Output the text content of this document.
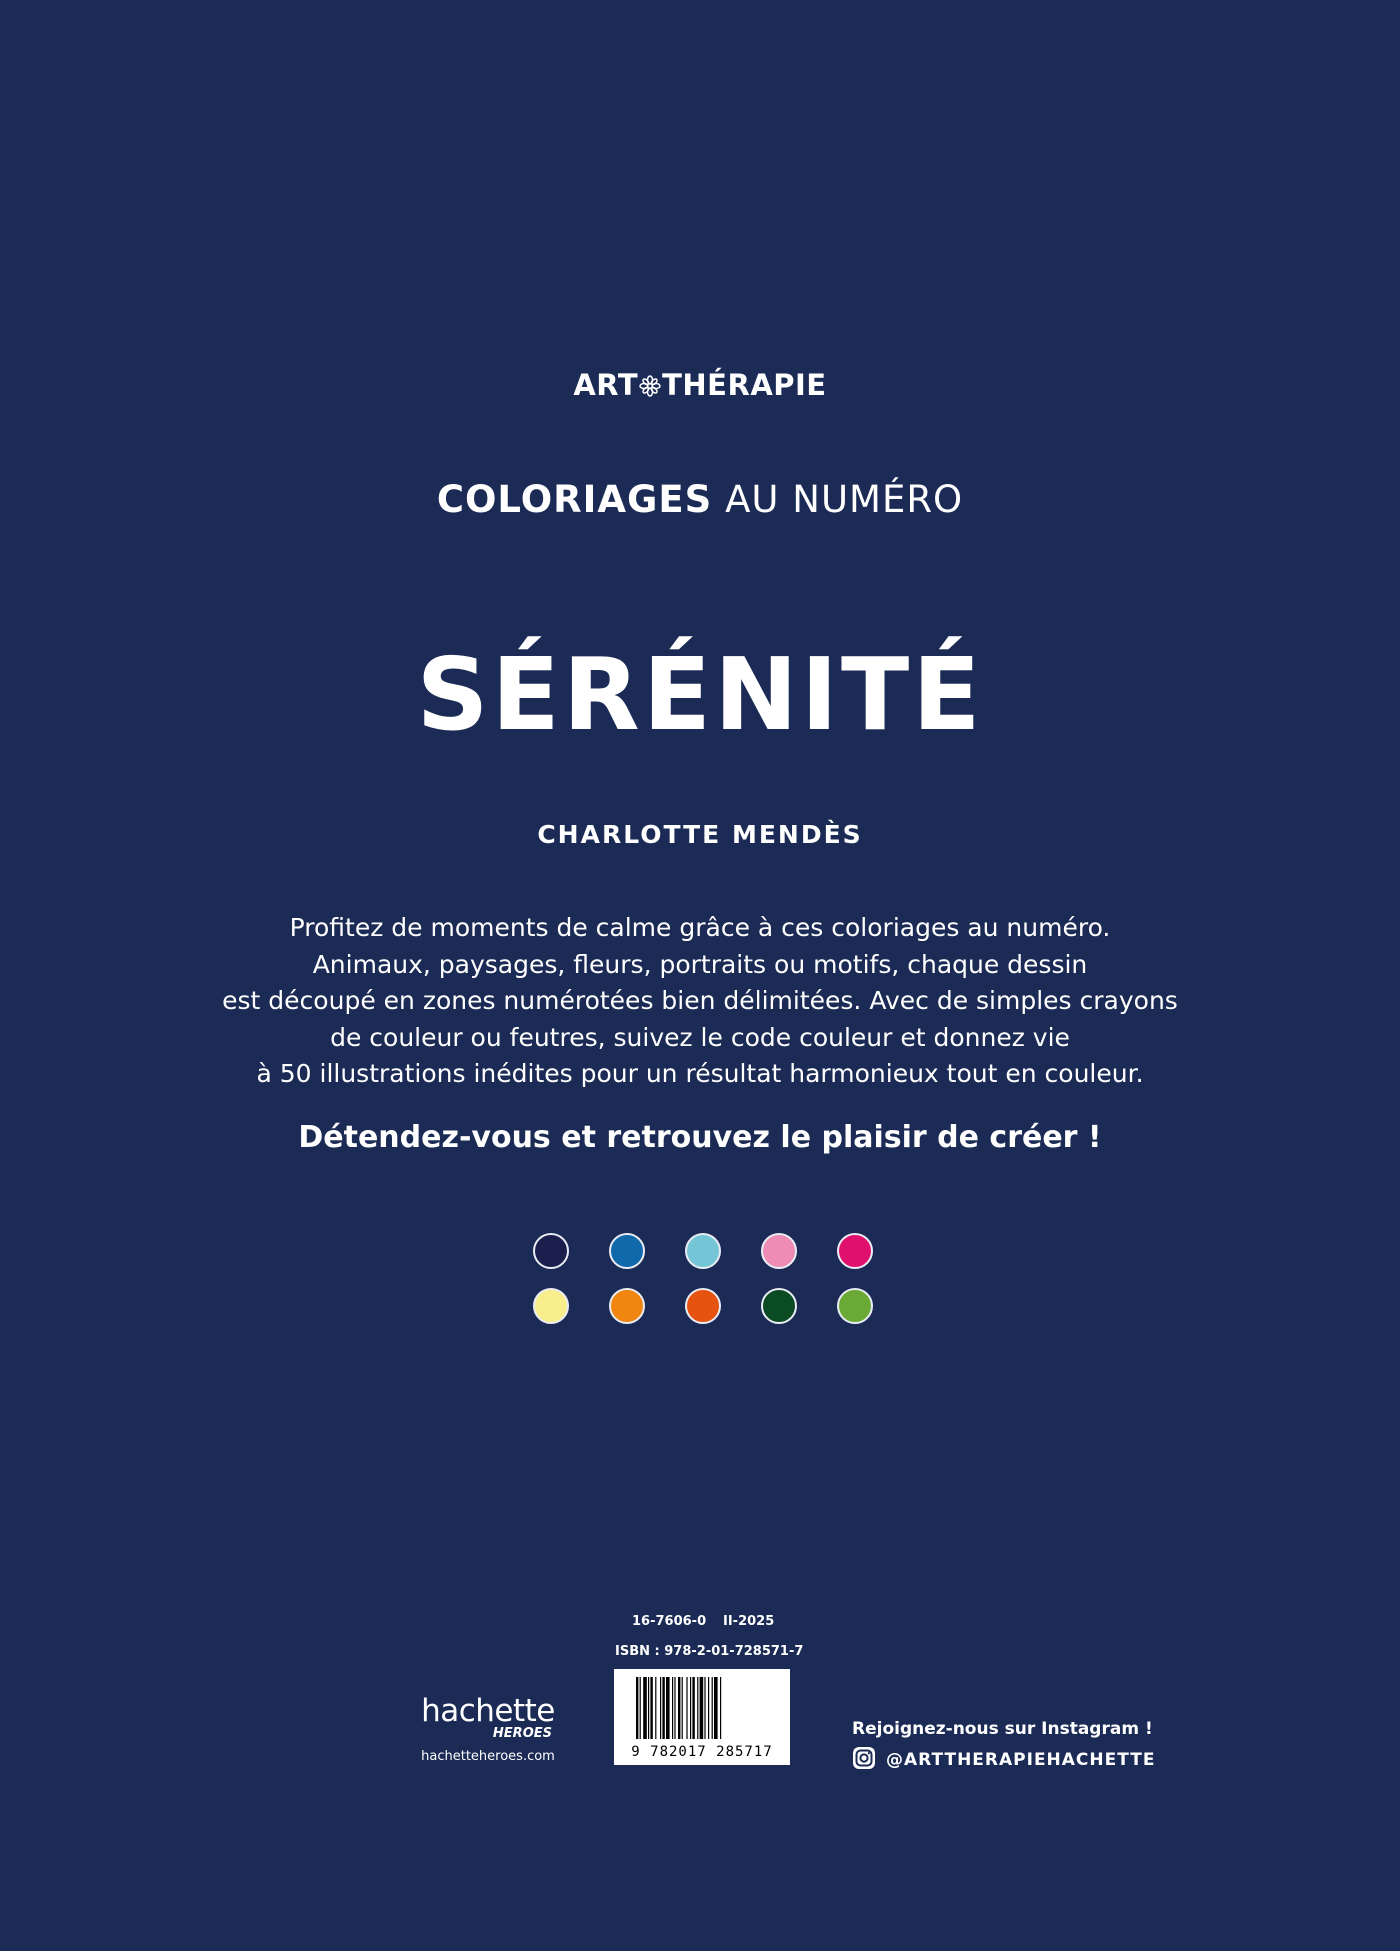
ART THÉRAPIE
COLORIAGES AU NUMÉRO
SÉRÉNITÉ
CHARLOTTE MENDÈS
Profitez de moments de calme grâce à ces coloriages au numéro.
Animaux, paysages, fleurs, portraits ou motifs, chaque dessin
est découpé en zones numérotées bien délimitées. Avec de simples crayons
de couleur ou feutres, suivez le code couleur et donnez vie
à 50 illustrations inédites pour un résultat harmonieux tout en couleur.
Détendez-vous et retrouvez le plaisir de créer !
16-7606-0 II-2025
ISBN : 978-2-01-728571-7
9 782017 285717
hachette
HEROES
hachetteheroes.com
Rejoignez-nous sur Instagram !
@ARTTHERAPIEHACHETTE
